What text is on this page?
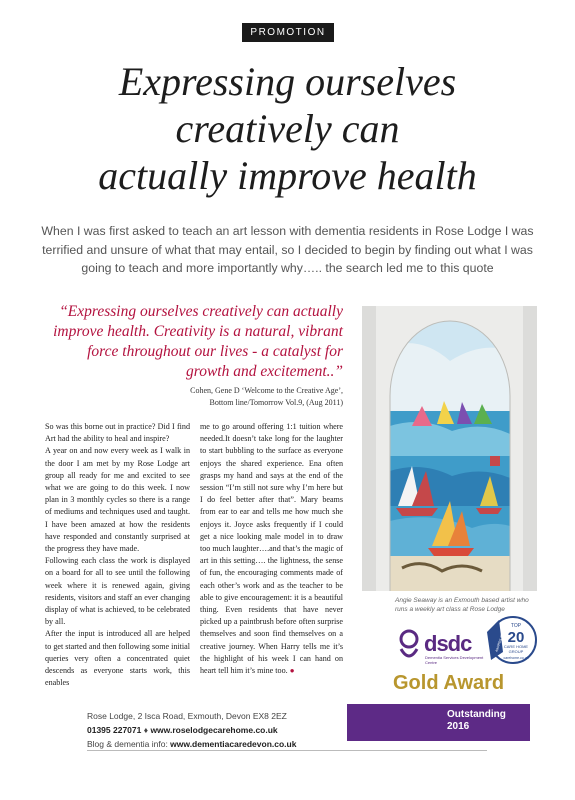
PROMOTION
Expressing ourselves
creatively can
actually improve health
When I was first asked to teach an art lesson with dementia residents in Rose Lodge I was terrified and unsure of what that may entail, so I decided to begin by finding out what I was going to teach and more importantly why….. the search led me to this quote
“Expressing ourselves creatively can actually improve health. Creativity is a natural, vibrant force throughout our lives - a catalyst for growth and excitement..”
Cohen, Gene D ‘Welcome to the Creative Age’,
Bottom line/Tomorrow Vol.9, (Aug 2011)

So was this borne out in practice? Did I find Art had the ability to heal and inspire?

A year on and now every week as I walk in the door I am met by my Rose Lodge art group all ready for me and excited to see what we are going to do this week. I now plan in 3 monthly cycles so there is a range of mediums and techniques used and taught. I have been amazed at how the residents have responded and constantly surprised at the progress they have made.

Following each class the work is displayed on a board for all to see until the following week where it is renewed again, giving residents, visitors and staff an ever changing display of what is achieved, to be celebrated by all.

After the input is introduced all are helped to get started and then following some initial queries very often a concentrated quiet descends as everyone starts work, this enables

me to go around offering 1:1 tuition where needed.It doesn’t take long for the laughter to start bubbling to the surface as everyone enjoys the shared experience. Ena often grasps my hand and says at the end of the session “I’m still not sure why I’m here but I do feel better after that”. Mary beams from ear to ear and tells me how much she enjoys it. Joyce asks frequently if I could get a nice looking male model in to draw too much laughter….and that’s the magic of art in this setting…. the lightness, the sense of fun, the encouraging comments made of each other’s work and as the teacher to be able to give encouragement: it is a beautiful thing. Even residents that have never picked up a paintbrush before often surprise themselves and soon find themselves on a creative journey. When Harry tells me it’s the highlight of his week I can hand on heart tell him it’s mine too. ●

Angie Seaway is an Exmouth based artist who runs a weekly art class at Rose Lodge
dsdc
Dementia Services Development Centre
TOP
20
CARE HOME
GROUP
carehome.co.uk
AWARDS 2016
Gold Award
Rose Lodge, 2 Isca Road, Exmouth, Devon EX8 2EZ
01395 227071 ♦ www.roselodgecarehome.co.uk
Blog & dementia info: www.dementiacaredevon.co.uk
Outstanding
2016
